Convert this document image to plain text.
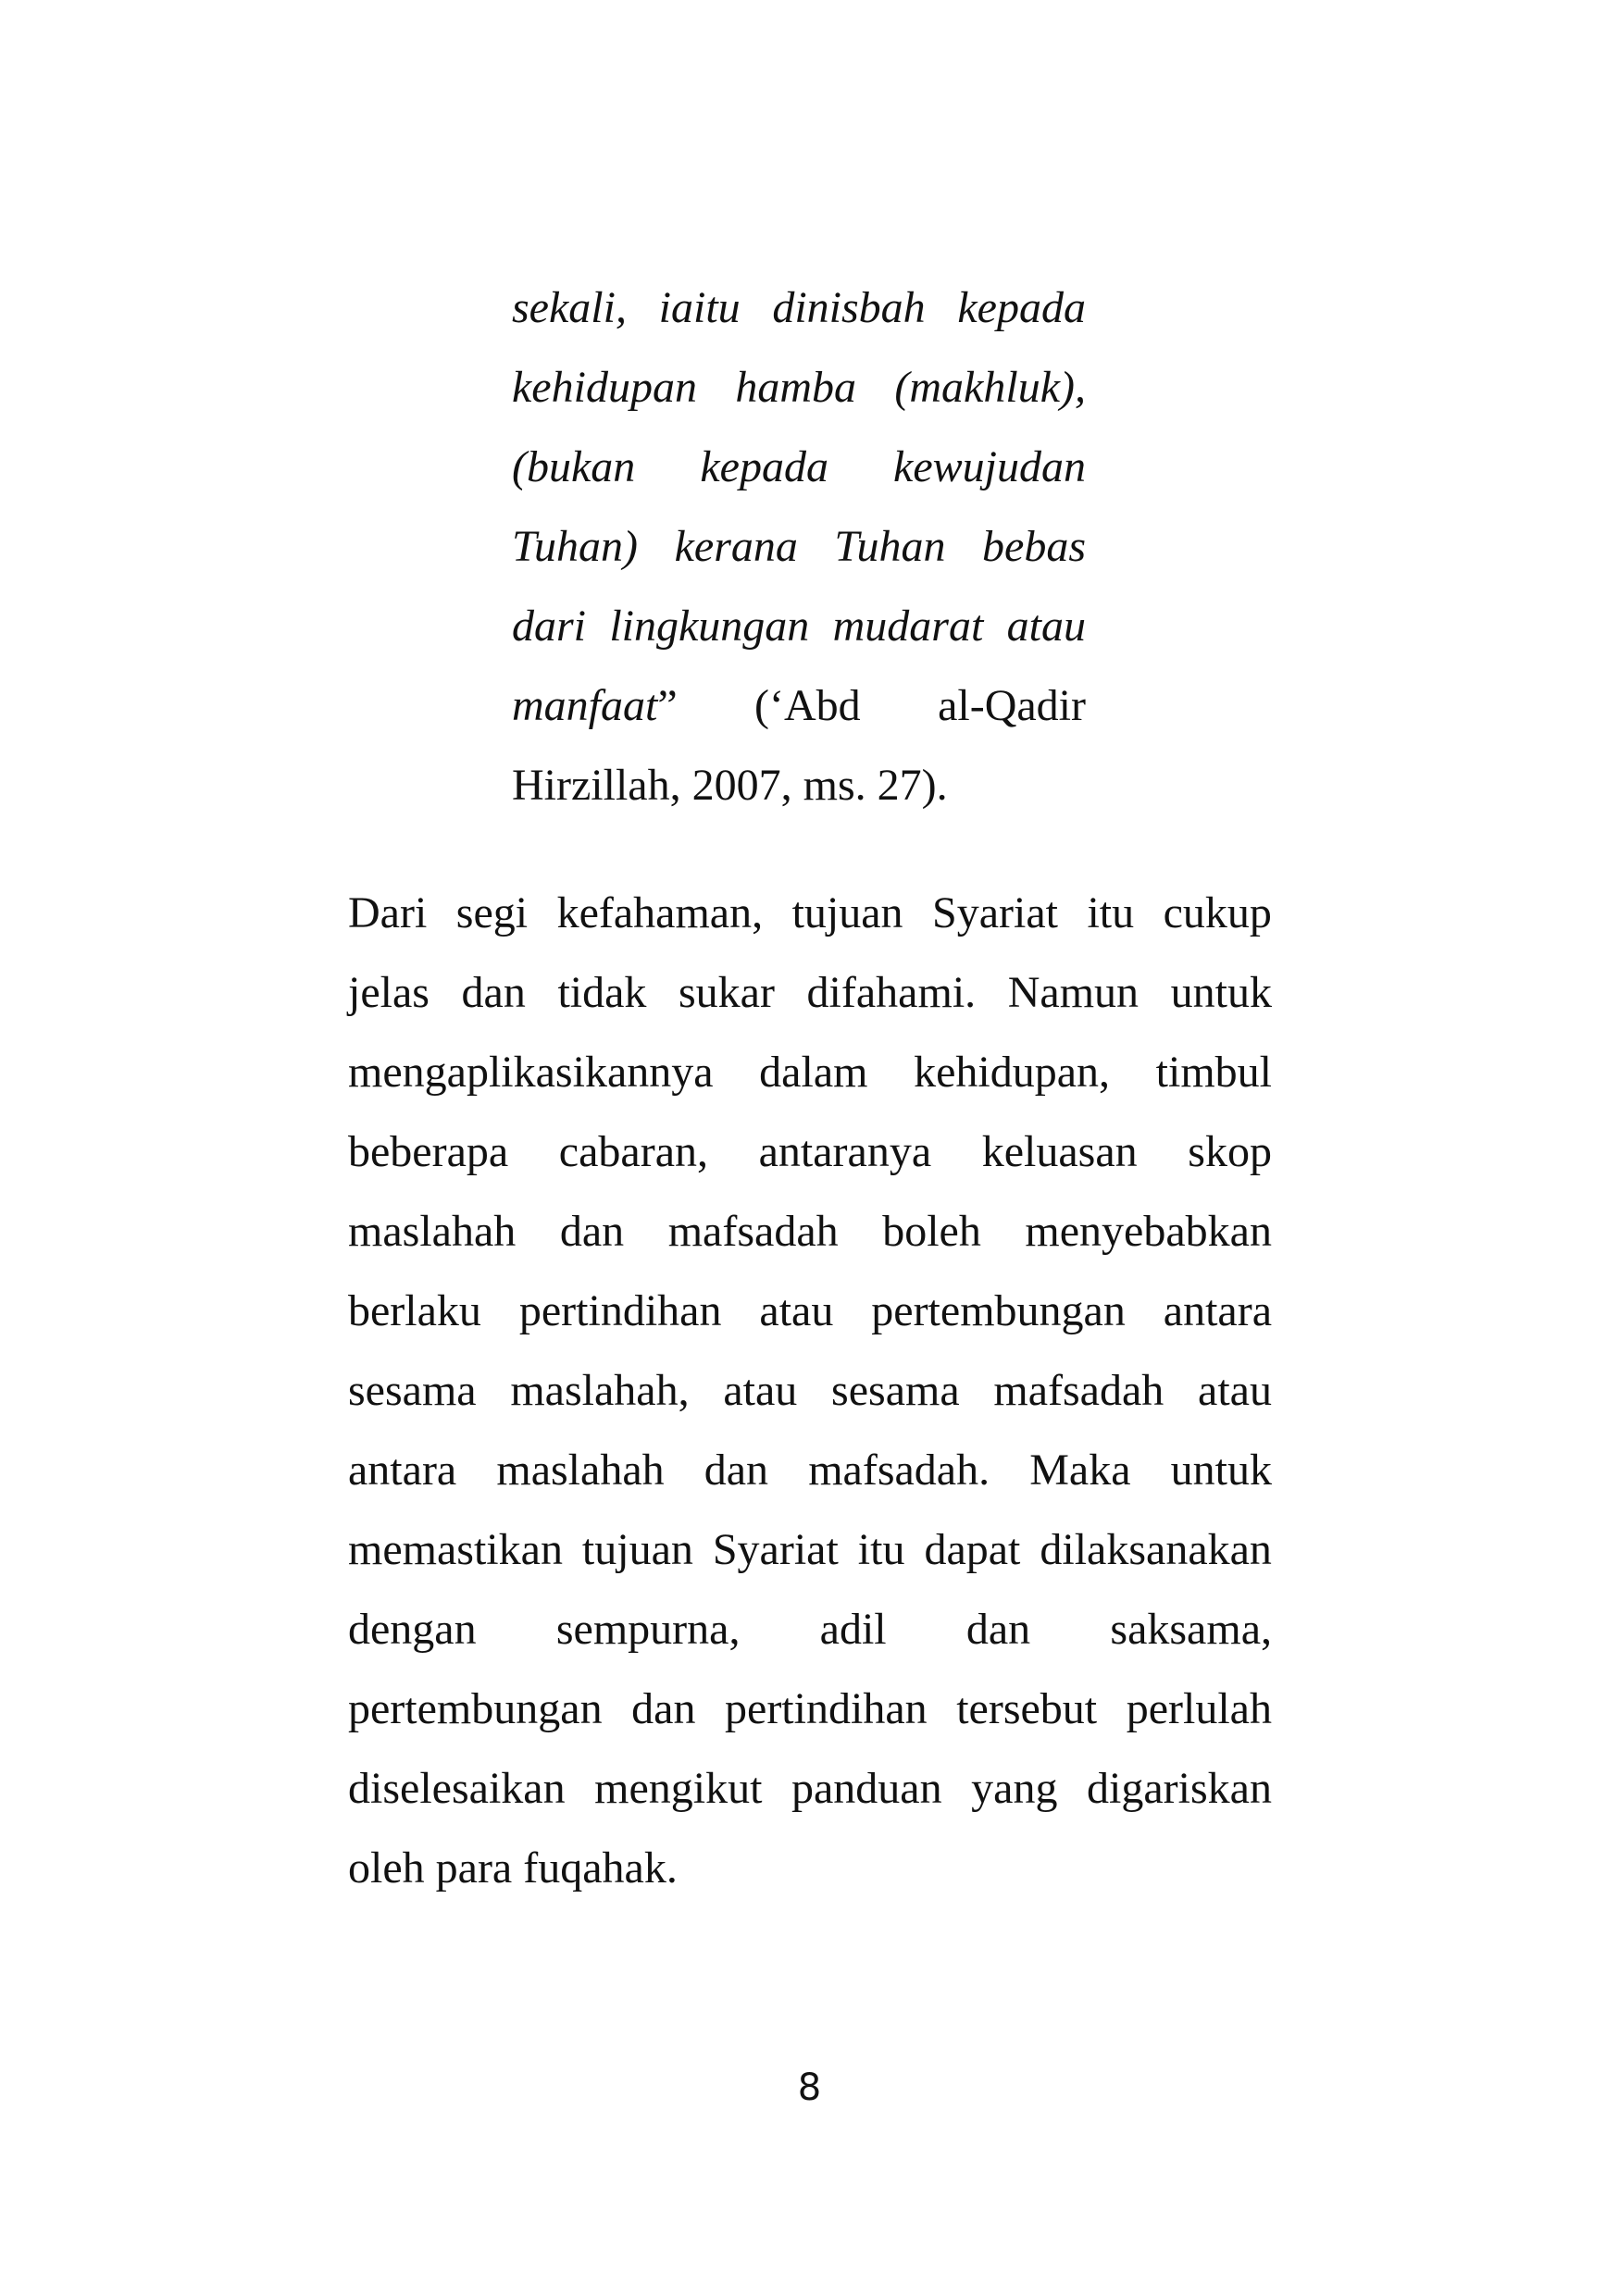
sekali, iaitu dinisbah kepada
kehidupan hamba (makhluk),
(bukan kepada kewujudan
Tuhan) kerana Tuhan bebas
dari lingkungan mudarat atau
manfaat” (‘Abd al-Qadir
Hirzillah, 2007, ms. 27).
Dari segi kefahaman, tujuan Syariat itu cukup
jelas dan tidak sukar difahami. Namun untuk
mengaplikasikannya dalam kehidupan, timbul
beberapa cabaran, antaranya keluasan skop
maslahah dan mafsadah boleh menyebabkan
berlaku pertindihan atau pertembungan antara
sesama maslahah, atau sesama mafsadah atau
antara maslahah dan mafsadah. Maka untuk
memastikan tujuan Syariat itu dapat dilaksanakan
dengan sempurna, adil dan saksama,
pertembungan dan pertindihan tersebut perlulah
diselesaikan mengikut panduan yang digariskan
oleh para fuqahak.
8
